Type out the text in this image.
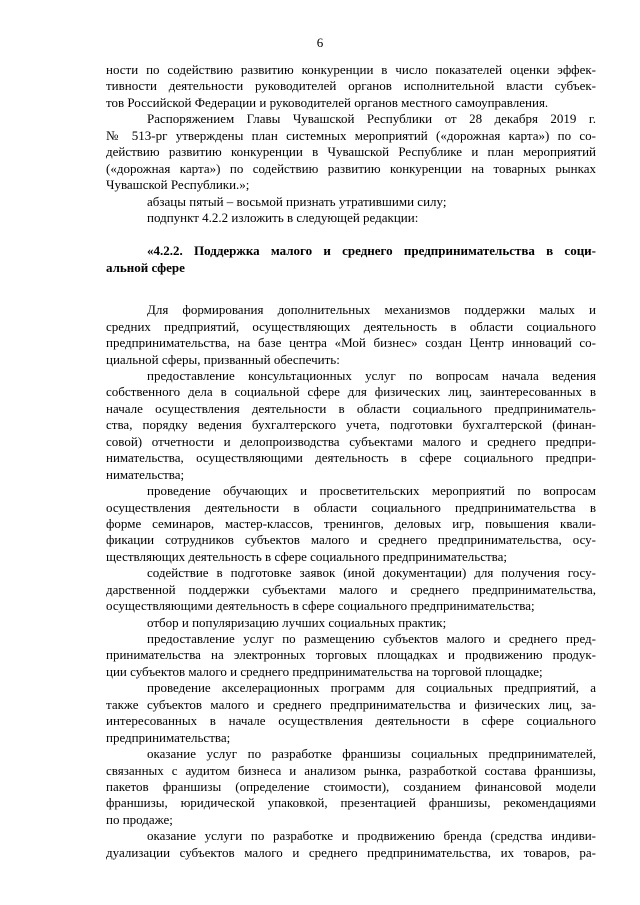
6
ности по содействию развитию конкуренции в число показателей оценки эффек-
тивности деятельности руководителей органов исполнительной власти субъек-
тов Российской Федерации и руководителей органов местного самоуправления.
Распоряжением Главы Чувашской Республики от 28 декабря 2019 г.
№ 513-рг утверждены план системных мероприятий («дорожная карта») по со-
действию развитию конкуренции в Чувашской Республике и план мероприятий
(«дорожная карта») по содействию развитию конкуренции на товарных рынках
Чувашской Республики.»;
абзацы пятый – восьмой признать утратившими силу;
подпункт 4.2.2 изложить в следующей редакции:
«4.2.2. Поддержка малого и среднего предпринимательства в соци-
альной сфере
Для формирования дополнительных механизмов поддержки малых и
средних предприятий, осуществляющих деятельность в области социального
предпринимательства, на базе центра «Мой бизнес» создан Центр инноваций со-
циальной сферы, призванный обеспечить:
предоставление консультационных услуг по вопросам начала ведения
собственного дела в социальной сфере для физических лиц, заинтересованных в
начале осуществления деятельности в области социального предприниматель-
ства, порядку ведения бухгалтерского учета, подготовки бухгалтерской (финан-
совой) отчетности и делопроизводства субъектами малого и среднего предпри-
нимательства, осуществляющими деятельность в сфере социального предпри-
нимательства;
проведение обучающих и просветительских мероприятий по вопросам
осуществления деятельности в области социального предпринимательства в
форме семинаров, мастер-классов, тренингов, деловых игр, повышения квали-
фикации сотрудников субъектов малого и среднего предпринимательства, осу-
ществляющих деятельность в сфере социального предпринимательства;
содействие в подготовке заявок (иной документации) для получения госу-
дарственной поддержки субъектами малого и среднего предпринимательства,
осуществляющими деятельность в сфере социального предпринимательства;
отбор и популяризацию лучших социальных практик;
предоставление услуг по размещению субъектов малого и среднего пред-
принимательства на электронных торговых площадках и продвижению продук-
ции субъектов малого и среднего предпринимательства на торговой площадке;
проведение акселерационных программ для социальных предприятий, а
также субъектов малого и среднего предпринимательства и физических лиц, за-
интересованных в начале осуществления деятельности в сфере социального
предпринимательства;
оказание услуг по разработке франшизы социальных предпринимателей,
связанных с аудитом бизнеса и анализом рынка, разработкой состава франшизы,
пакетов франшизы (определение стоимости), созданием финансовой модели
франшизы, юридической упаковкой, презентацией франшизы, рекомендациями
по продаже;
оказание услуги по разработке и продвижению бренда (средства индиви-
дуализации субъектов малого и среднего предпринимательства, их товаров, ра-
